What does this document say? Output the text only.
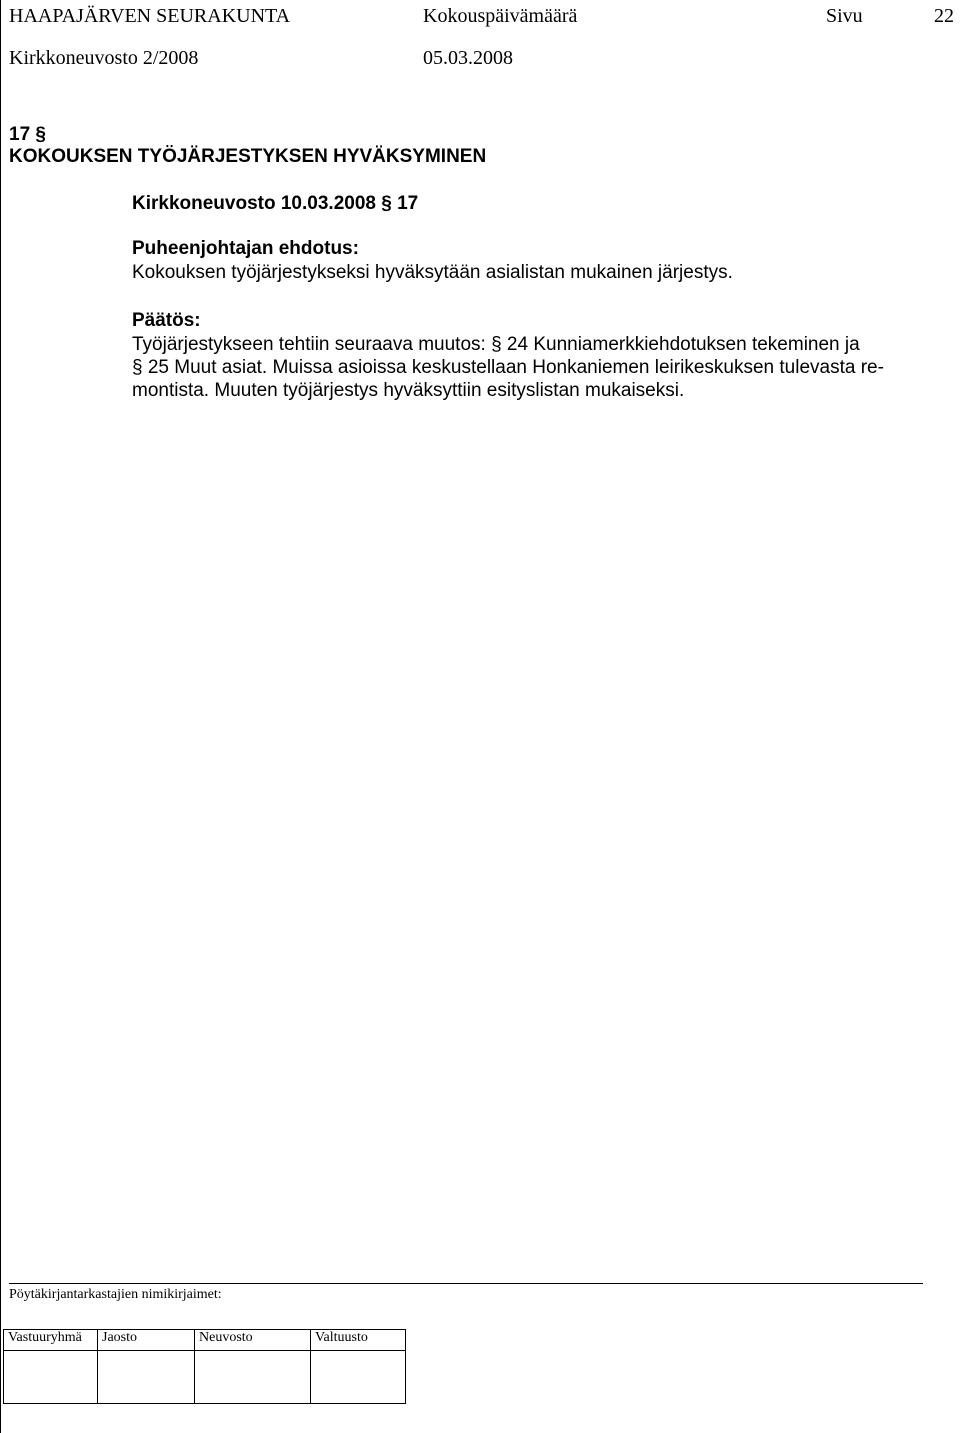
HAAPAJÄRVEN SEURAKUNTA	Kokouspäivämäärä	Sivu	22
Kirkkoneuvosto 2/2008	05.03.2008
17 §
KOKOUKSEN TYÖJÄRJESTYKSEN HYVÄKSYMINEN
Kirkkoneuvosto 10.03.2008 § 17
Puheenjohtajan ehdotus:
Kokouksen työjärjestykseksi hyväksytään asialistan mukainen järjestys.
Päätös:
Työjärjestykseen tehtiin seuraava muutos: § 24 Kunniamerkkiehdotuksen tekeminen ja
§ 25 Muut asiat. Muissa asioissa keskustellaan Honkaniemen leirikeskuksen tulevasta re-
montista. Muuten työjärjestys hyväksyttiin esityslistan mukaiseksi.
Pöytäkirjantarkastajien nimikirjaimet:
Vastuuryhmä	Jaosto	Neuvosto	Valtuusto
